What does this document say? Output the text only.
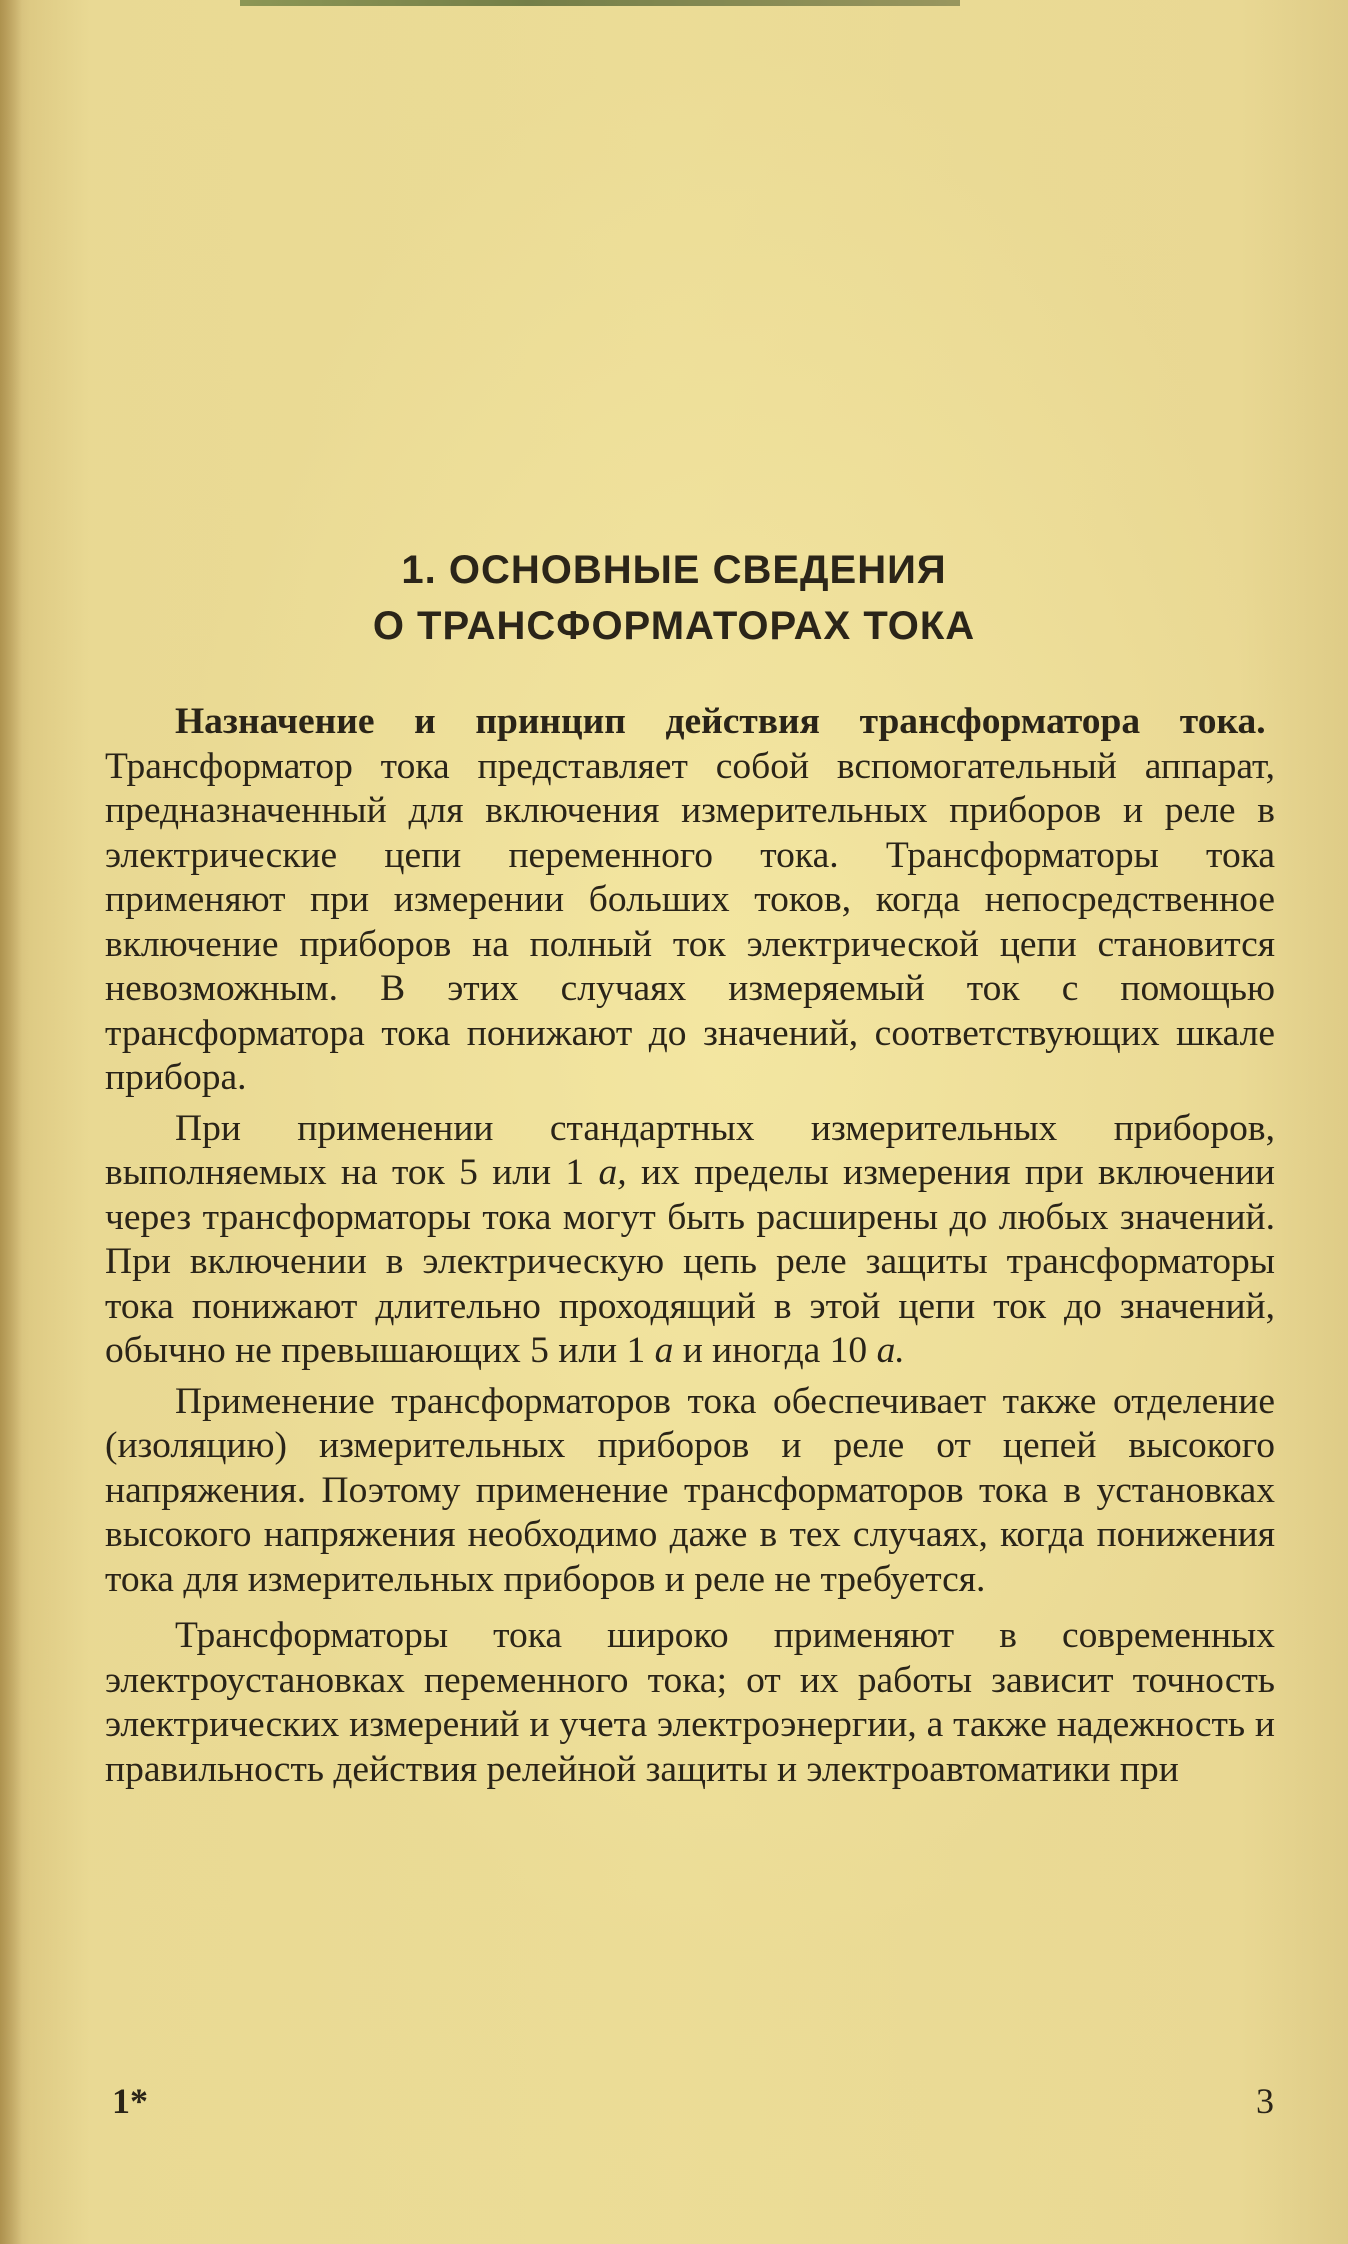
1. ОСНОВНЫЕ СВЕДЕНИЯ
О ТРАНСФОРМАТОРАХ ТОКА

Назначение и принцип действия трансформатора тока.  Трансформатор тока представляет собой вспомогательный аппарат, предназначенный для включения измерительных приборов и реле в электрические цепи переменного тока. Трансформаторы тока применяют при измерении больших токов, когда непосредственное включение приборов на полный ток электрической цепи становится невозможным. В этих случаях измеряемый ток с помощью трансформатора тока понижают до значений, соответствующих шкале прибора.

При применении стандартных измерительных приборов, выполняемых на ток 5 или 1 а, их пределы измерения при включении через трансформаторы тока могут быть расширены до любых значений. При включении в электрическую цепь реле защиты трансформаторы тока понижают длительно проходящий в этой цепи ток до значений, обычно не превышающих 5 или 1 а и иногда 10 а.

Применение трансформаторов тока обеспечивает также отделение (изоляцию) измерительных приборов и реле от цепей высокого напряжения. Поэтому применение трансформаторов тока в установках высокого напряжения необходимо даже в тех случаях, когда понижения тока для измерительных приборов и реле не требуется.

Трансформаторы тока широко применяют в современных электроустановках переменного тока; от их работы зависит точность электрических измерений и учета электроэнергии, а также надежность и правильность действия релейной защиты и электроавтоматики при

1*	3
